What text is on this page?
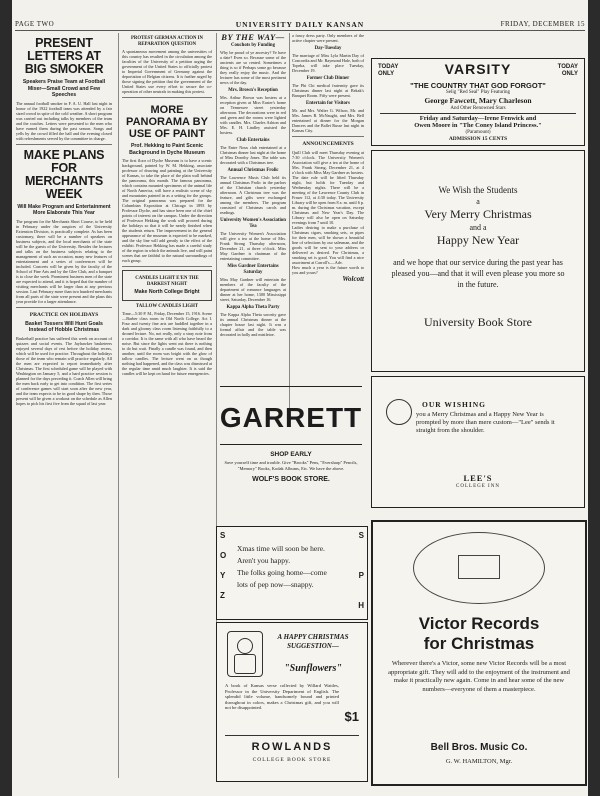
PAGE TWO	UNIVERSITY DAILY KANSAN	FRIDAY, DECEMBER 15
PRESENT LETTERS AT BIG SMOKER
Speakers Praise Team at Football Mixer—Small Crowd and Few Speeches

The annual football smoker in F. A. U. Hall last night in honor of the 1922 football team was attended by a fair sized crowd in spite of the cold weather. A short program was carried out including talks by members of the team and the coaches. Letters were presented to the men who have earned them during the past season. Songs and yells by the crowd filled the hall and the evening closed with refreshments served by the committee in charge.

MAKE PLANS FOR MERCHANTS WEEK
Will Make Program and Entertainment More Elaborate This Year

The program for the Merchants Short Course, to be held in February under the auspices of the University Extension Division, is practically complete. As has been customary, there will be a number of speakers on business subjects, and the local merchants of the state will be the guests of the University. Besides the lectures and talks on the business subjects relating to the management of such an occasion, many new features of entertainment and a series of conferences will be included. Concerts will be given by the faculty of the School of Fine Arts and by the Glee Club, and a banquet is to close the week. Prominent business men of the state are expected to attend, and it is hoped that the number of visiting merchants will be larger than at any previous session. Last February more than two hundred merchants from all parts of the state were present and the plans this year provide for a larger attendance.

PRACTICE ON HOLIDAYS
Basket Tossers Will Hunt Goals Instead of Hobble Christmas

Basketball practice has suffered this week on account of quizzes and social events. The Jayhawker basketeers enjoyed several days of rest before the holiday recess, which will be used for practice. Throughout the holidays those of the team who remain will practice regularly. All the men are expected to report immediately after Christmas. The first scheduled game will be played with Washington on January 5, and a hard practice session is planned for the days preceding it. Coach Allen will bring the men back early to get into condition. The first series of conference games will start soon after the new year, and the team expects to be in good shape by then. Those present will be given a workout on the schedule as Allen hopes to pick his first five from the squad of last year.

PROTEST GERMAN ACTION IN REPARATION QUESTION

A spontaneous movement among the universities of this country has resulted in the circulation among the faculties of the University of a petition urging the government of the United States to officially protest to Imperial Government of Germany against the deportation of Belgian citizens. It is further urged by those signing the petition that the government of the United States use every effort to secure the co-operation of other neutrals in making this protest.

MORE PANORAMA BY USE OF PAINT
Prof. Hekking to Paint Scenic Background in Dyche Museum

The first floor of Dyche Museum is to have a scenic background, painted by W. M. Hekking, associate professor of drawing and painting at the University of Kansas, to take the place of the plain wall behind the panorama, this month. The famous panorama, which contains mounted specimens of the animal life of North America, will have a realistic scene of sky and mountains painted in as a setting for the groups. The original panorama was prepared for the Columbian Exposition at Chicago in 1893 by Professor Dyche, and has since been one of the chief points of interest on the campus. Under the direction of Professor Hekking the work will proceed during the holidays so that it will be nearly finished when the students return. The improvement in the general appearance of the museum is expected to be marked, and the sky line will add greatly to the effect of the exhibit. Professor Hekking has made a careful study of the region in which the animals live, and will paint scenes that are faithful to the natural surroundings of each group.

CANDLES LIGHT E'EN THE DARKEST NIGHT
Make North College Bright
TALLOW CANDLES LIGHT

Time—5:30 P. M., Friday, December 15, 1916. Scene—Barber class room in Old North College. Act I. Four and twenty fine arts are huddled together in a dark and gloomy class room listening faithfully to a droned lecture. No, not really, only a stray note from a corridor. It is the same with all who have heard the noise. But since the lights went out there is nothing to do but wait. Finally a candle was found, and then another, until the room was bright with the glow of tallow candles. The lecture went on as though nothing had happened, and the class was dismissed at the regular time amid much laughter. It is said the candles will be kept on hand for future emergencies.

BY THE WAY—
Couchots by Funding

Why be proud of ye ancestry? Ye have a date? Even so. Because some of the ancients are so rented. Sometimes a thing is so if Perhaps some go because they really enjoy the music. And the lecturer has some of the most pertinent news of the day.

Mrs. Brown's Reception

Mrs. Arthur Brown was hostess at a reception given at Miss Easter's home on Tennessee street yesterday afternoon. The decorations were in red and green and the rooms were lighted with candles. Mrs. Charles Ashton and Mrs. E. H. Lindley assisted the hostess.

Club Entertains

The Entre Nous club entertained at a Christmas dinner last night at the home of Miss Dorothy Jones. The table was decorated with a Christmas tree.

Annual Christmas Frolic

The Lawrence Musis Club held its annual Christmas Frolic in the parlors of the Christian church yesterday afternoon. A Christmas tree was the feature, and gifts were exchanged among the members. The program consisted of Christmas carols and readings.

University Women's Association Tea

The University Women's Association will give a tea at the home of Mrs. Frank Strong Thursday afternoon, December 21, at three o'clock. Miss May Gardner is chairman of the entertaining committee.

Miss Gardner Entertains Saturday

Miss May Gardner will entertain the members of the faculty of the department of romance languages at dinner at her home, 1300 Mississippi street, Saturday, December 16.

Kappa Alpha Theta Party

The Kappa Alpha Theta sorority gave its annual Christmas dinner at the chapter house last night. It was a formal affair and the table was decorated in holly and mistletoe.

a fancy dress party. Only members of the active chapter were present.

Day-Tuesday

The marriage of Miss Lyla Martin Day of Concordia and Mr. Raymond Hale, both of Topeka, will take place Tuesday, December 19.

Former Club Dinner

The Phi Chi medical fraternity gave its Christmas dinner last night at Bekak's Banquet Room. Fifty were present.

Entertain for Visitors

Mr. and Mrs. Walter G. Wilson, Mr. and Mrs. James B. McNaught, and Mrs. Bell entertained at dinner for the Morgan Dancers and the Ballet Russe last night in Kansas City.

ANNOUNCEMENTS

Quill Club will meet Thursday evening at 7:30 o'clock. The University Women's Association will give a tea at the home of Mrs. Frank Strong, December 21, at 4 o'clock with Miss May Gardner as hostess. The date rule will be lifted Thursday night, but holds for Tuesday and Wednesday nights. There will be a meeting of the Lawrence County Club in Fraser 112, at 4:30 today. The University Library will be open from 8 a. m. until 6 p. m. during the Christmas vacation, except Christmas and New Year's Day. The Library will also be open on Saturday evenings from 7 until 10.

Ladies desiring to make a purchase of Christmas cigars, smoking sets, or pipes for their men, will be shown a beautiful line of selections by our salesman, and the goods will be sent to your address or delivered as desired. For Christmas, a smoking set is good. You will find a nice assortment at Carroll's.—Adv.

How much a year is the future worth to you and yours?

Wolcott
TODAY
ONLY	VARSITY	TODAY
ONLY
"THE COUNTRY THAT GOD FORGOT"
Selig "Red Seal" Play Featuring
George Fawcett, Mary Charleson
And Other Renowned Stars
Friday and Saturday—Irene Fenwick and
Owen Moore in "The Coney Island Princess."
(Paramount)
ADMISSION 15 CENTS
We Wish the Students
a
Very Merry Christmas
and a
Happy New Year
and we hope that our service during the past year has pleased you—and that it will even please you more so in the future.
University Book Store
OUR WISHING
you a Merry Christmas and a Happy New Year is prompted by more than mere custom—"Lee" sends it straight from the shoulder.
LEE'S
COLLEGE INN
GARRETT
SHOP EARLY
Save yourself time and trouble. Give "Brooks" Pens, "Eversharp" Pencils, "Memory" Books, Kodak Albums, Etc. We have the above.
WOLF'S BOOK STORE.
S
O
Y
Z
S
P
H
Xmas time will soon be here.
Aren't you happy.
The folks going home—come
lots of pep now—snappy.
A HAPPY CHRISTMAS SUGGESTION—
"Sunflowers"
A book of Kansas verse collected by Willard Wattles, Professor in the University Department of English. The splendid little volume, handsomely bound and printed throughout in colors, makes a Christmas gift, and you will not be disappointed.
$1
ROWLANDS
COLLEGE BOOK STORE
Victor Records
for Christmas
Wherever there's a Victor, some new Victor Records will be a most appropriate gift. They will add to the enjoyment of the instrument and make it practically new again. Come in and hear some of the new numbers—everyone of them a masterpiece.
Bell Bros. Music Co.
G. W. HAMILTON, Mgr.
